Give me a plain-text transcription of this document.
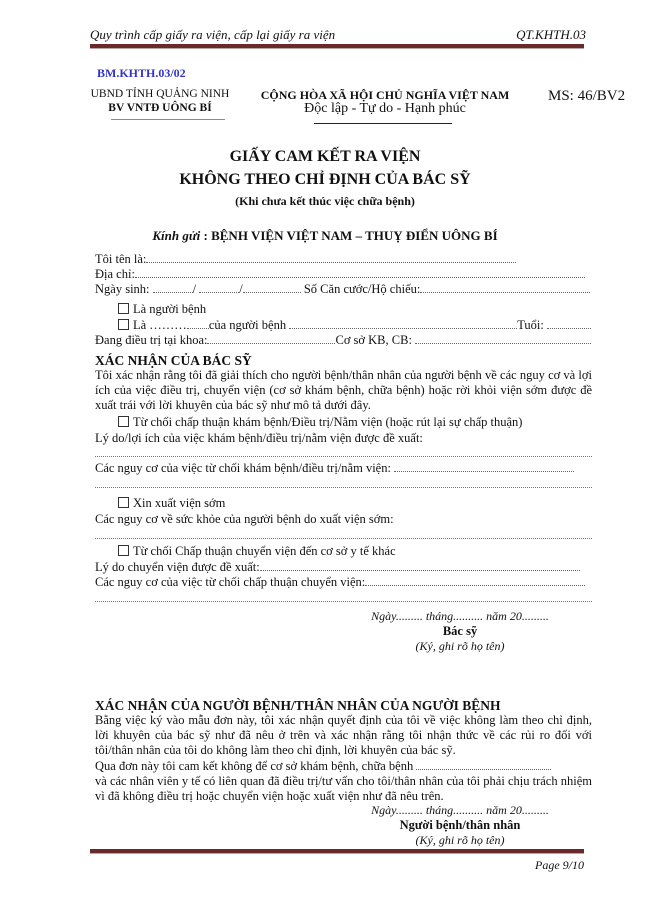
Quy trình cấp giấy ra viện, cấp lại giấy ra viện	QT.KHTH.03
BM.KHTH.03/02
UBND TỈNH QUẢNG NINH
BV VNTĐ UÔNG BÍ
CỘNG HÒA XÃ HỘI CHỦ NGHĨA VIỆT NAM
Độc lập - Tự do - Hạnh phúc
MS: 46/BV2
GIẤY CAM KẾT RA VIỆN
KHÔNG THEO CHỈ ĐỊNH CỦA BÁC SỸ
(Khi chưa kết thúc việc chữa bệnh)
Kính gửi : BỆNH VIỆN VIỆT NAM – THUỴ ĐIỂN UÔNG BÍ
Tôi tên là:
Địa chỉ:
Ngày sinh:	/	/	Số Căn cước/Hộ chiếu:
Là người bệnh
Là ……… của người bệnh	Tuổi:
Đang điều trị tại khoa:	Cơ sở KB, CB:
XÁC NHẬN CỦA BÁC SỸ
Tôi xác nhận rằng tôi đã giải thích cho người bệnh/thân nhân của người bệnh về các nguy cơ và lợi ích của việc điều trị, chuyển viện (cơ sở khám bệnh, chữa bệnh) hoặc rời khỏi viện sớm được đề xuất trái với lời khuyên của bác sỹ như mô tả dưới đây.
Từ chối chấp thuận khám bệnh/Điều trị/Nằm viện (hoặc rút lại sự chấp thuận)
Lý do/lợi ích của việc khám bệnh/điều trị/nằm viện được đề xuất:
Các nguy cơ của việc từ chối khám bệnh/điều trị/nằm viện:
Xin xuất viện sớm
Các nguy cơ về sức khỏe của người bệnh do xuất viện sớm:
Từ chối Chấp thuận chuyển viện đến cơ sở y tế khác
Lý do chuyển viện được đề xuất:
Các nguy cơ của việc từ chối chấp thuận chuyển viện:
Ngày......... tháng.......... năm 20.........
Bác sỹ
(Ký, ghi rõ họ tên)
XÁC NHẬN CỦA NGƯỜI BỆNH/THÂN NHÂN CỦA NGƯỜI BỆNH
Bằng việc ký vào mẫu đơn này, tôi xác nhận quyết định của tôi về việc không làm theo chỉ định, lời khuyên của bác sỹ như đã nêu ở trên và xác nhận rằng tôi nhận thức về các rủi ro đối với tôi/thân nhân của tôi do không làm theo chỉ định, lời khuyên của bác sỹ.
Qua đơn này tôi cam kết không để cơ sở khám bệnh, chữa bệnh
và các nhân viên y tế có liên quan đã điều trị/tư vấn cho tôi/thân nhân của tôi phải chịu trách nhiệm vì đã không điều trị hoặc chuyển viện hoặc xuất viện như đã nêu trên.
Ngày......... tháng.......... năm 20.........
Người bệnh/thân nhân
(Ký, ghi rõ họ tên)
Page 9/10
